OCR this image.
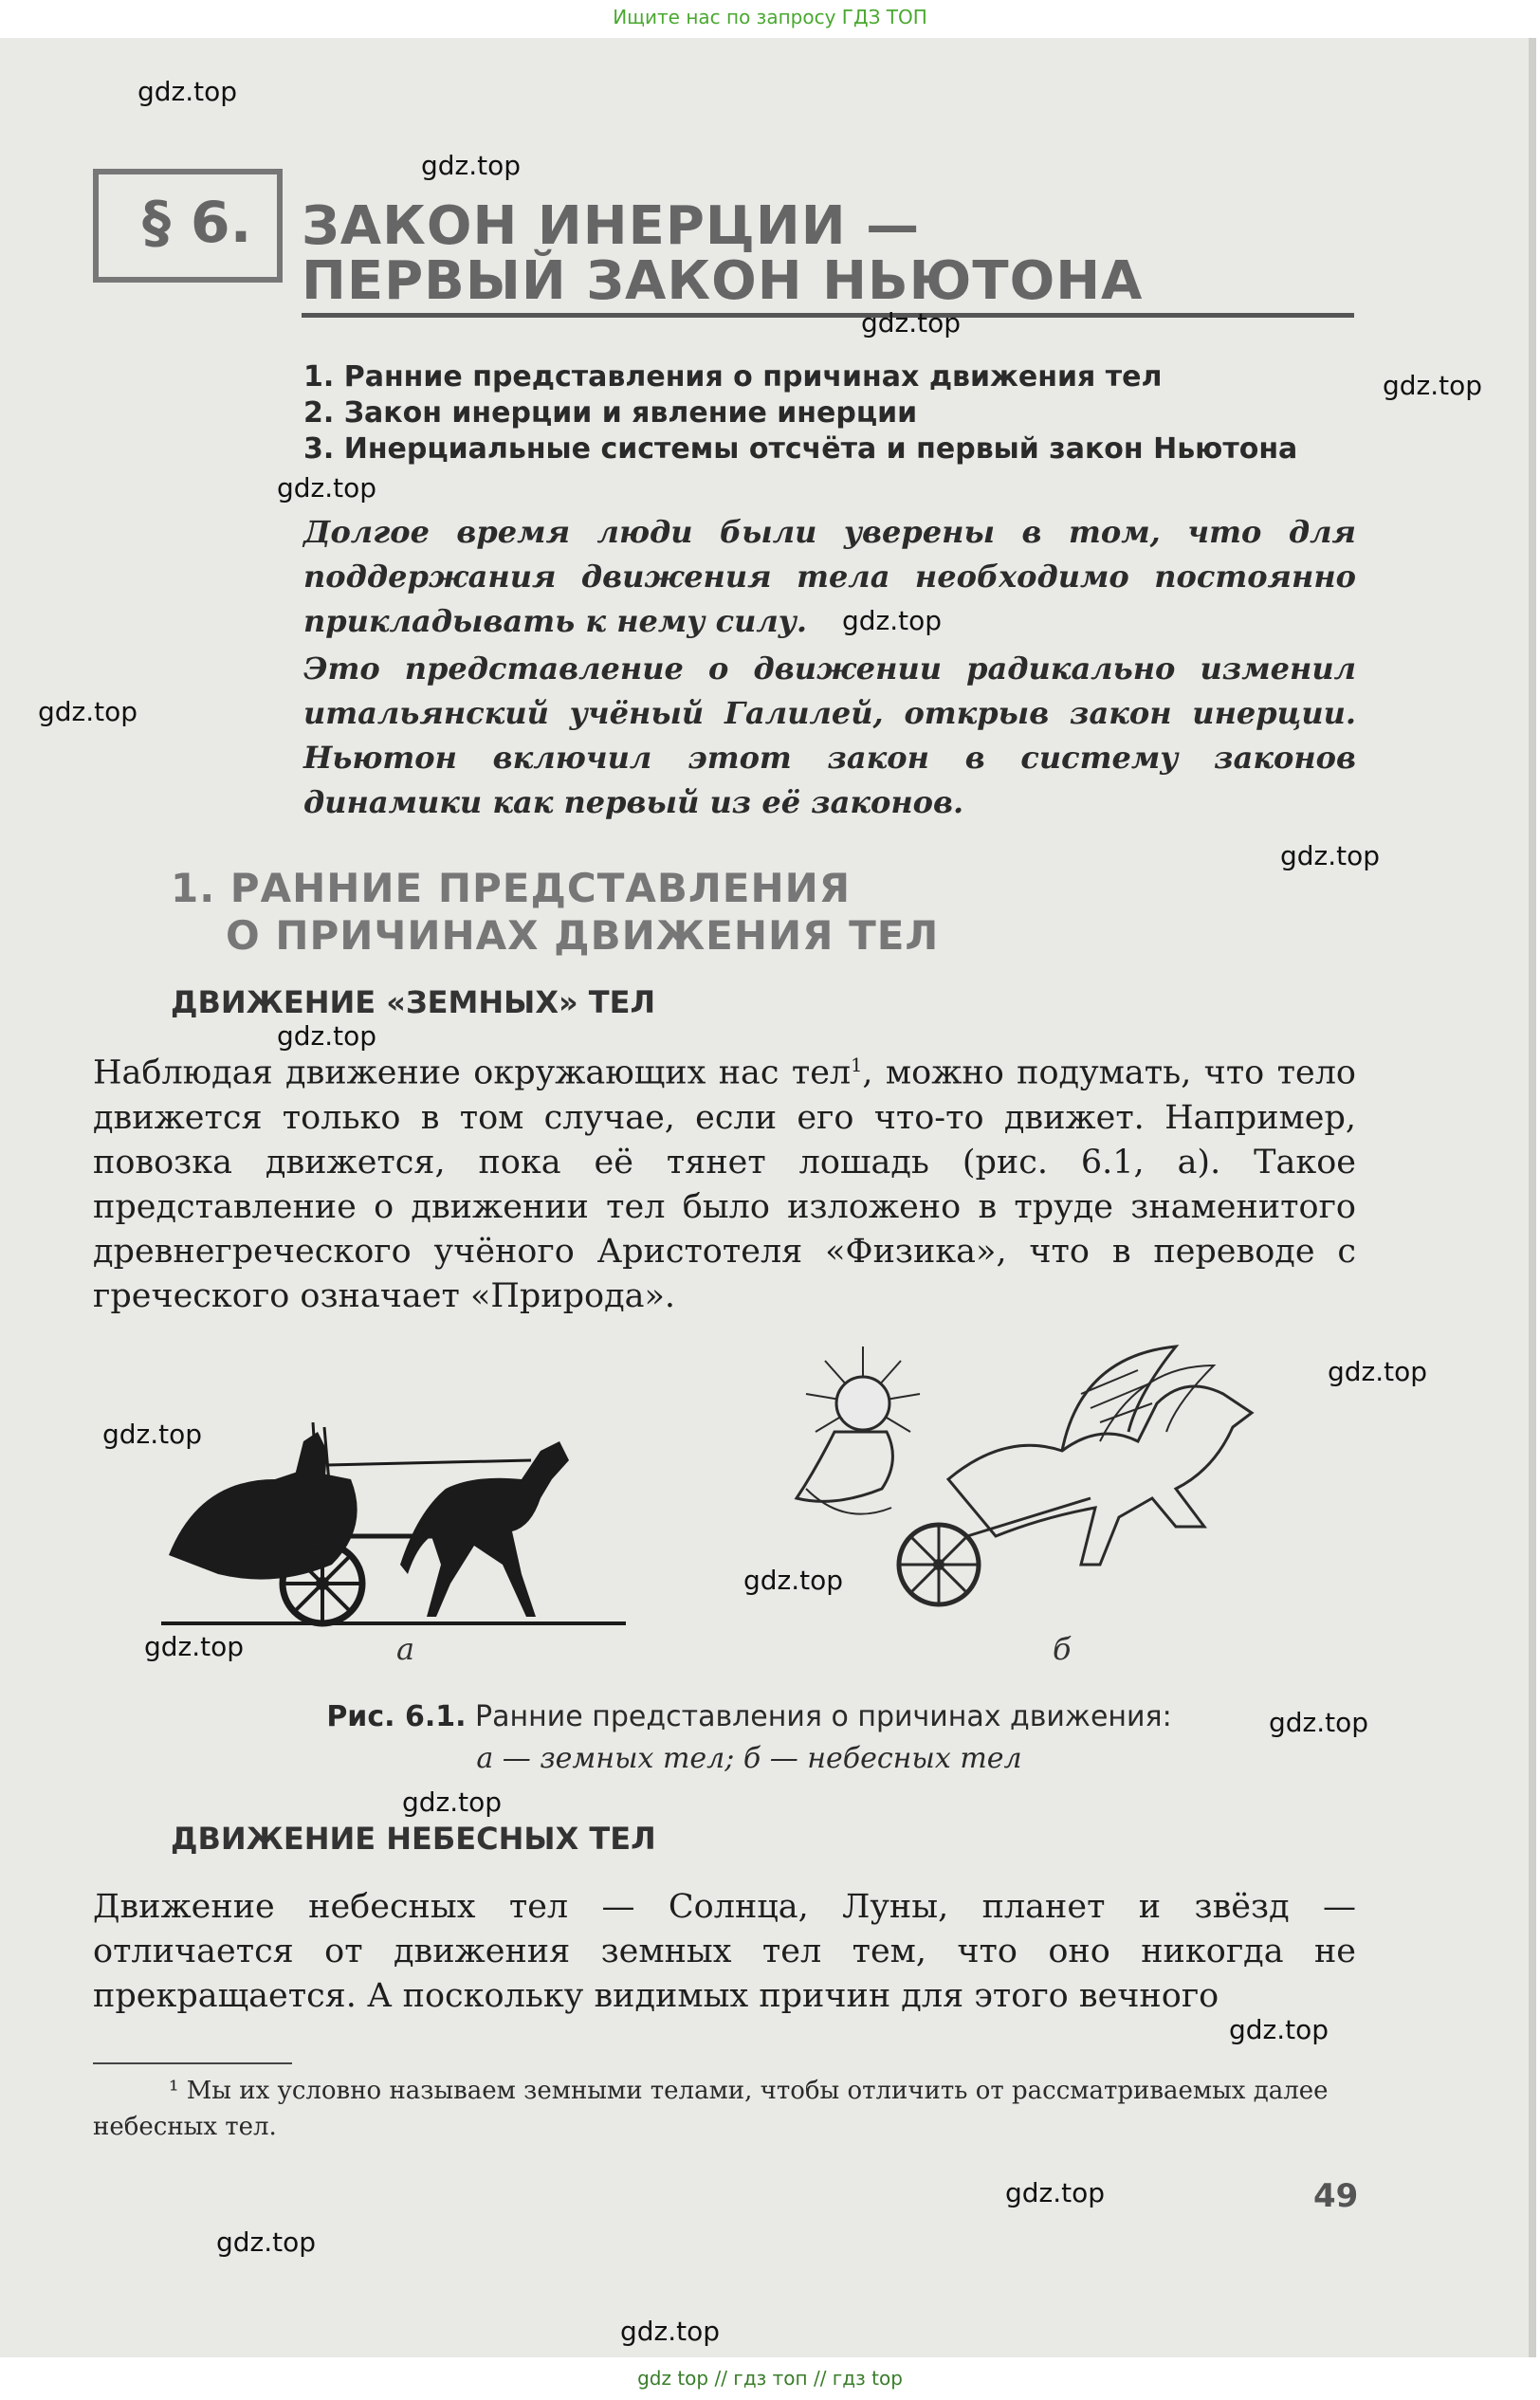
Ищите нас по запросу ГДЗ ТОП
§ 6. ЗАКОН ИНЕРЦИИ —
ПЕРВЫЙ ЗАКОН НЬЮТОНА
1. Ранние представления о причинах движения тел
2. Закон инерции и явление инерции
3. Инерциальные системы отсчёта и первый закон Ньютона
Долгое время люди были уверены в том, что для поддержания движения тела необходимо постоянно прикладывать к нему силу.
Это представление о движении радикально изменил итальянский учёный Галилей, открыв закон инерции. Ньютон включил этот закон в систему законов динамики как первый из её законов.
1. РАННИЕ ПРЕДСТАВЛЕНИЯ
О ПРИЧИНАХ ДВИЖЕНИЯ ТЕЛ
ДВИЖЕНИЕ «ЗЕМНЫХ» ТЕЛ
Наблюдая движение окружающих нас тел$^1$, можно подумать, что тело движется только в том случае, если его что-то движет. Например, повозка движется, пока её тянет лошадь (рис. 6.1, а). Такое представление о движении тел было изложено в труде знаменитого древнегреческого учёного Аристотеля «Физика», что в переводе с греческого означает «Природа».
а	б
Рис. 6.1. Ранние представления о причинах движения:
а — земных тел; б — небесных тел
ДВИЖЕНИЕ НЕБЕСНЫХ ТЕЛ
Движение небесных тел — Солнца, Луны, планет и звёзд — отличается от движения земных тел тем, что оно никогда не прекращается. А поскольку видимых причин для этого вечного
¹ Мы их условно называем земными телами, чтобы отличить от рассматриваемых далее небесных тел.
49
gdz.top
gdz.top
gdz.top
gdz.top
gdz.top
gdz.top
gdz.top
gdz.top
gdz.top
gdz.top
gdz.top
gdz.top
gdz.top
gdz.top
gdz.top
gdz.top
gdz.top
gdz.top
gdz.top
gdz top // гдз топ // гдз top
